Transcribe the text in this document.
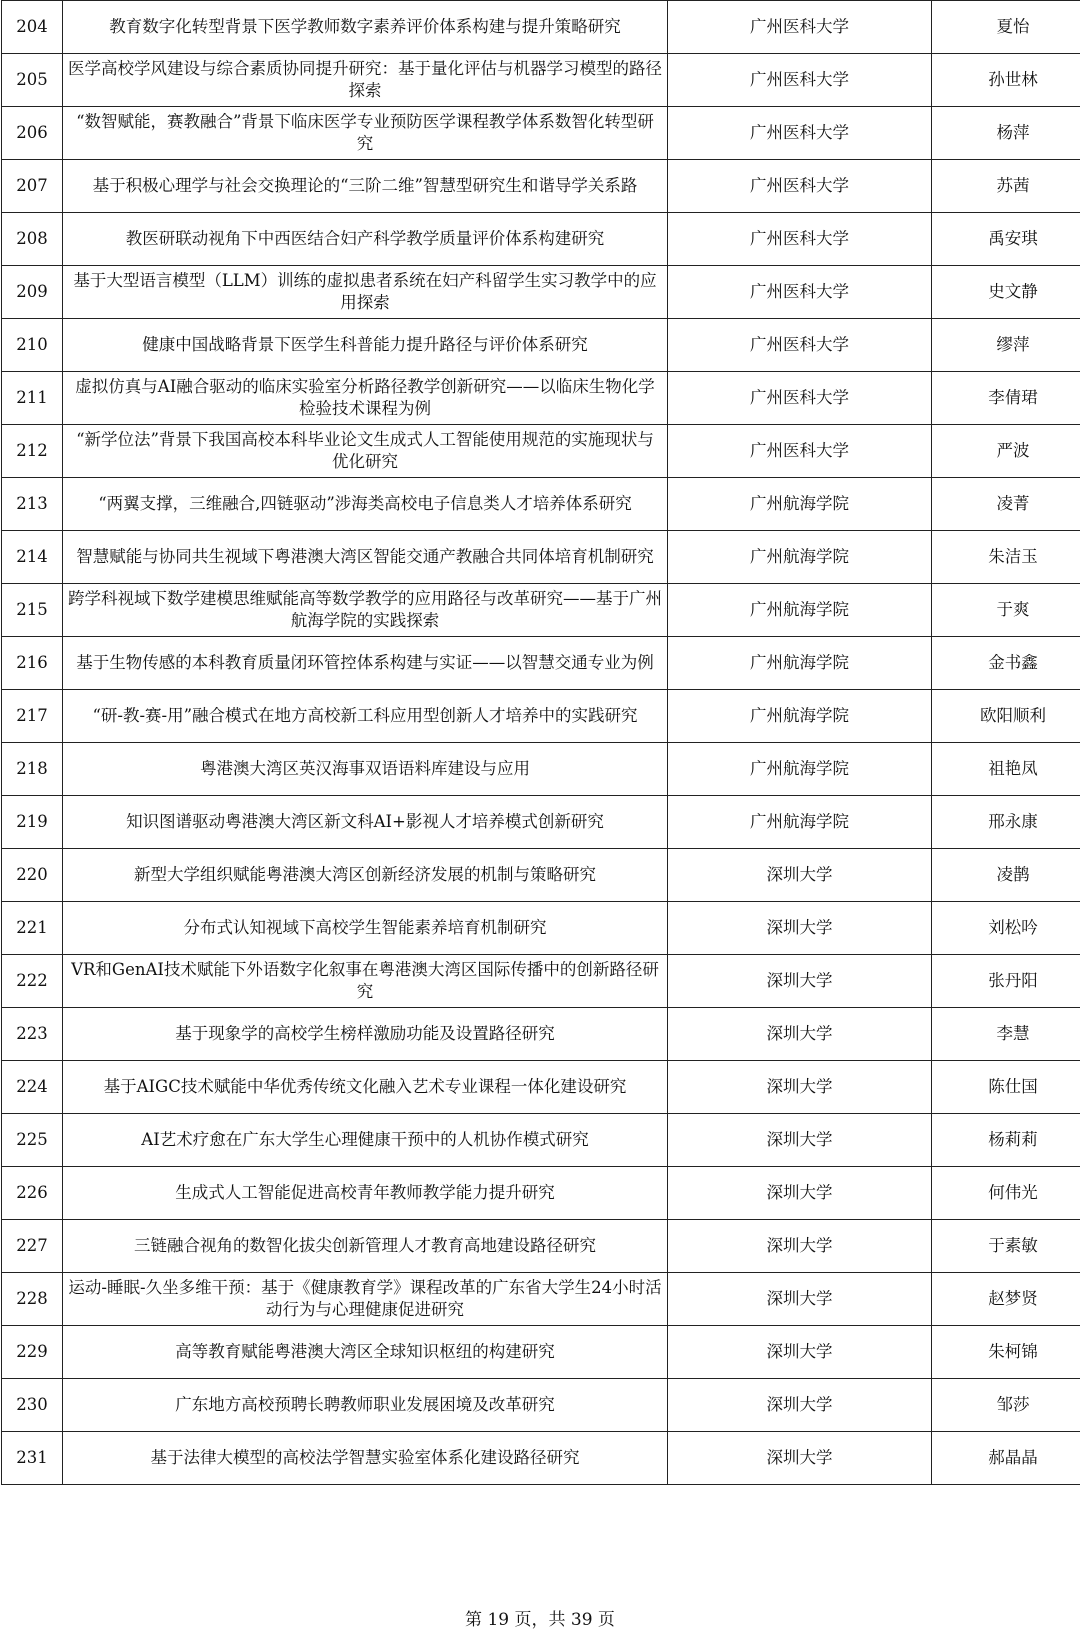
204	教育数字化转型背景下医学教师数字素养评价体系构建与提升策略研究	广州医科大学	夏怡
205	医学高校学风建设与综合素质协同提升研究：基于量化评估与机器学习模型的路径探索	广州医科大学	孙世林
206	“数智赋能，赛教融合”背景下临床医学专业预防医学课程教学体系数智化转型研究	广州医科大学	杨萍
207	基于积极心理学与社会交换理论的“三阶二维”智慧型研究生和谐导学关系路	广州医科大学	苏茜
208	教医研联动视角下中西医结合妇产科学教学质量评价体系构建研究	广州医科大学	禹安琪
209	基于大型语言模型（LLM）训练的虚拟患者系统在妇产科留学生实习教学中的应用探索	广州医科大学	史文静
210	健康中国战略背景下医学生科普能力提升路径与评价体系研究	广州医科大学	缪萍
211	虚拟仿真与AI融合驱动的临床实验室分析路径教学创新研究——以临床生物化学检验技术课程为例	广州医科大学	李倩珺
212	“新学位法”背景下我国高校本科毕业论文生成式人工智能使用规范的实施现状与优化研究	广州医科大学	严波
213	“两翼支撑，三维融合,四链驱动”涉海类高校电子信息类人才培养体系研究	广州航海学院	凌菁
214	智慧赋能与协同共生视域下粤港澳大湾区智能交通产教融合共同体培育机制研究	广州航海学院	朱洁玉
215	跨学科视域下数学建模思维赋能高等数学教学的应用路径与改革研究——基于广州航海学院的实践探索	广州航海学院	于爽
216	基于生物传感的本科教育质量闭环管控体系构建与实证——以智慧交通专业为例	广州航海学院	金书鑫
217	“研-教-赛-用”融合模式在地方高校新工科应用型创新人才培养中的实践研究	广州航海学院	欧阳顺利
218	粤港澳大湾区英汉海事双语语料库建设与应用	广州航海学院	祖艳凤
219	知识图谱驱动粤港澳大湾区新文科AI+影视人才培养模式创新研究	广州航海学院	邢永康
220	新型大学组织赋能粤港澳大湾区创新经济发展的机制与策略研究	深圳大学	凌鹊
221	分布式认知视域下高校学生智能素养培育机制研究	深圳大学	刘松吟
222	VR和GenAI技术赋能下外语数字化叙事在粤港澳大湾区国际传播中的创新路径研究	深圳大学	张丹阳
223	基于现象学的高校学生榜样激励功能及设置路径研究	深圳大学	李慧
224	基于AIGC技术赋能中华优秀传统文化融入艺术专业课程一体化建设研究	深圳大学	陈仕国
225	AI艺术疗愈在广东大学生心理健康干预中的人机协作模式研究	深圳大学	杨莉莉
226	生成式人工智能促进高校青年教师教学能力提升研究	深圳大学	何伟光
227	三链融合视角的数智化拔尖创新管理人才教育高地建设路径研究	深圳大学	于素敏
228	运动-睡眠-久坐多维干预：基于《健康教育学》课程改革的广东省大学生24小时活动行为与心理健康促进研究	深圳大学	赵梦贤
229	高等教育赋能粤港澳大湾区全球知识枢纽的构建研究	深圳大学	朱柯锦
230	广东地方高校预聘长聘教师职业发展困境及改革研究	深圳大学	邹莎
231	基于法律大模型的高校法学智慧实验室体系化建设路径研究	深圳大学	郝晶晶
第 19 页，共 39 页
